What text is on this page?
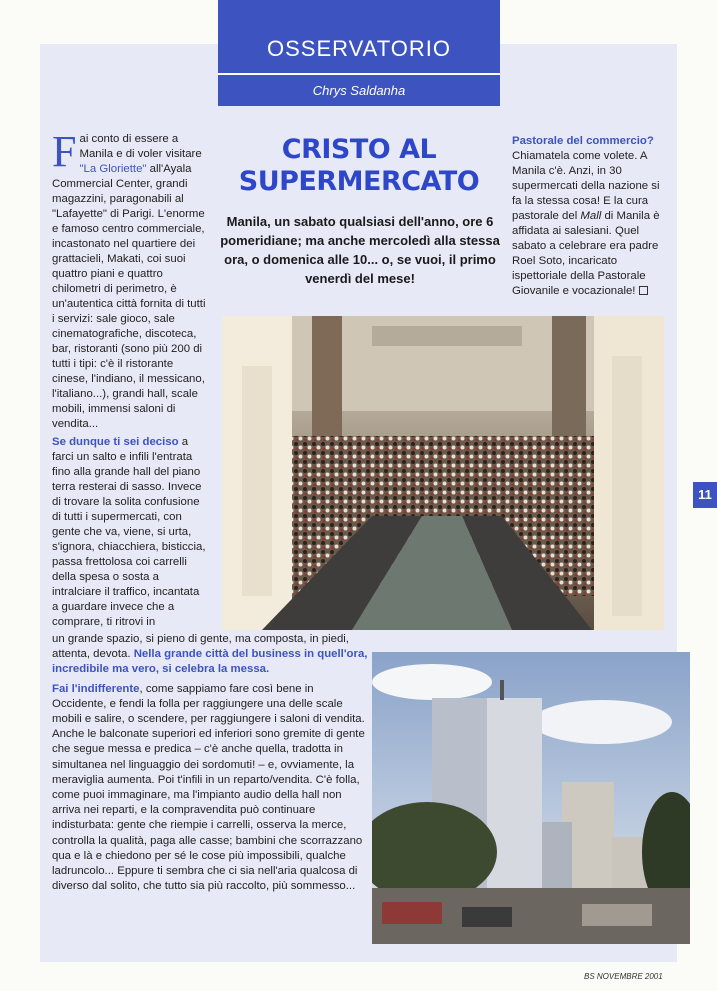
OSSERVATORIO
Chrys Saldanha
CRISTO AL
SUPERMERCATO
Manila, un sabato qualsiasi dell'anno, ore 6 pomeridiane; ma anche mercoledì alla stessa ora, o domenica alle 10... o, se vuoi, il primo venerdì del mese!

F ai conto di essere a Manila e di voler visitare "La Gloriette" all'Ayala Commercial Center, grandi magazzini, paragonabili al "Lafayette" di Parigi. L'enorme e famoso centro commerciale, incastonato nel quartiere dei grattacieli, Makati, coi suoi quattro piani e quattro chilometri di perimetro, è un'autentica città fornita di tutti i servizi: sale gioco, sale cinematografiche, discoteca, bar, ristoranti (sono più 200 di tutti i tipi: c'è il ristorante cinese, l'indiano, il messicano, l'italiano...), grandi hall, scale mobili, immensi saloni di vendita...

Se dunque ti sei deciso a farci un salto e infili l'entrata fino alla grande hall del piano terra resterai di sasso. Invece di trovare la solita confusione di tutti i supermercati, con gente che va, viene, si urta, s'ignora, chiacchiera, bisticcia, passa frettolosa coi carrelli della spesa o sosta a intralciare il traffico, incantata a guardare invece che a comprare, ti ritrovi in

Pastorale del commercio? Chiamatela come volete. A Manila c'è. Anzi, in 30 supermercati della nazione si fa la stessa cosa! E la cura pastorale del Mall di Manila è affidata ai salesiani. Quel sabato a celebrare era padre Roel Soto, incaricato ispettoriale della Pastorale Giovanile e vocazionale!

un grande spazio, si pieno di gente, ma composta, in piedi, attenta, devota. Nella grande città del business in quell'ora, incredibile ma vero, si celebra la messa.

Fai l'indifferente, come sappiamo fare così bene in Occidente, e fendi la folla per raggiungere una delle scale mobili e salire, o scendere, per raggiungere i saloni di vendita. Anche le balconate superiori ed inferiori sono gremite di gente che segue messa e predica – c'è anche quella, tradotta in simultanea nel linguaggio dei sordomuti! – e, ovviamente, la meraviglia aumenta. Poi t'infili in un reparto/vendita. C'è folla, come puoi immaginare, ma l'impianto audio della hall non arriva nei reparti, e la compravendita può continuare indisturbata: gente che riempie i carrelli, osserva la merce, controlla la qualità, paga alle casse; bambini che scorrazzano qua e là e chiedono per sé le cose più impossibili, qualche ladruncolo... Eppure ti sembra che ci sia nell'aria qualcosa di diverso dal solito, che tutto sia più raccolto, più sommesso...

11
BS NOVEMBRE 2001
